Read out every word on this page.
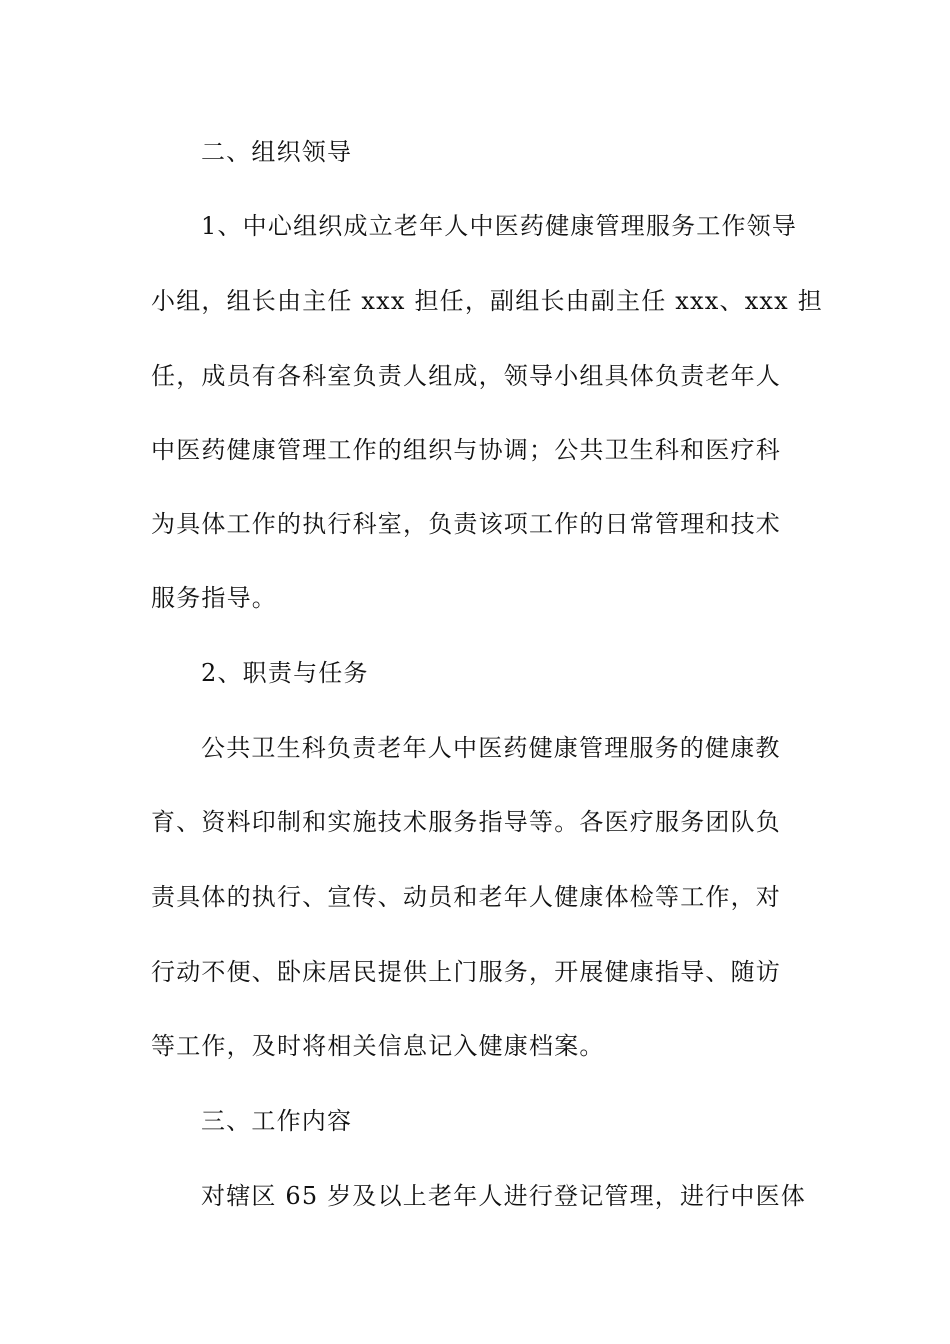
二、组织领导

1、中心组织成立老年人中医药健康管理服务工作领导

小组，组长由主任 xxx 担任，副组长由副主任 xxx、xxx 担

任，成员有各科室负责人组成，领导小组具体负责老年人

中医药健康管理工作的组织与协调；公共卫生科和医疗科

为具体工作的执行科室，负责该项工作的日常管理和技术

服务指导。

2、职责与任务

公共卫生科负责老年人中医药健康管理服务的健康教

育、资料印制和实施技术服务指导等。各医疗服务团队负

责具体的执行、宣传、动员和老年人健康体检等工作，对

行动不便、卧床居民提供上门服务，开展健康指导、随访

等工作，及时将相关信息记入健康档案。

三、工作内容

对辖区 65 岁及以上老年人进行登记管理，进行中医体
